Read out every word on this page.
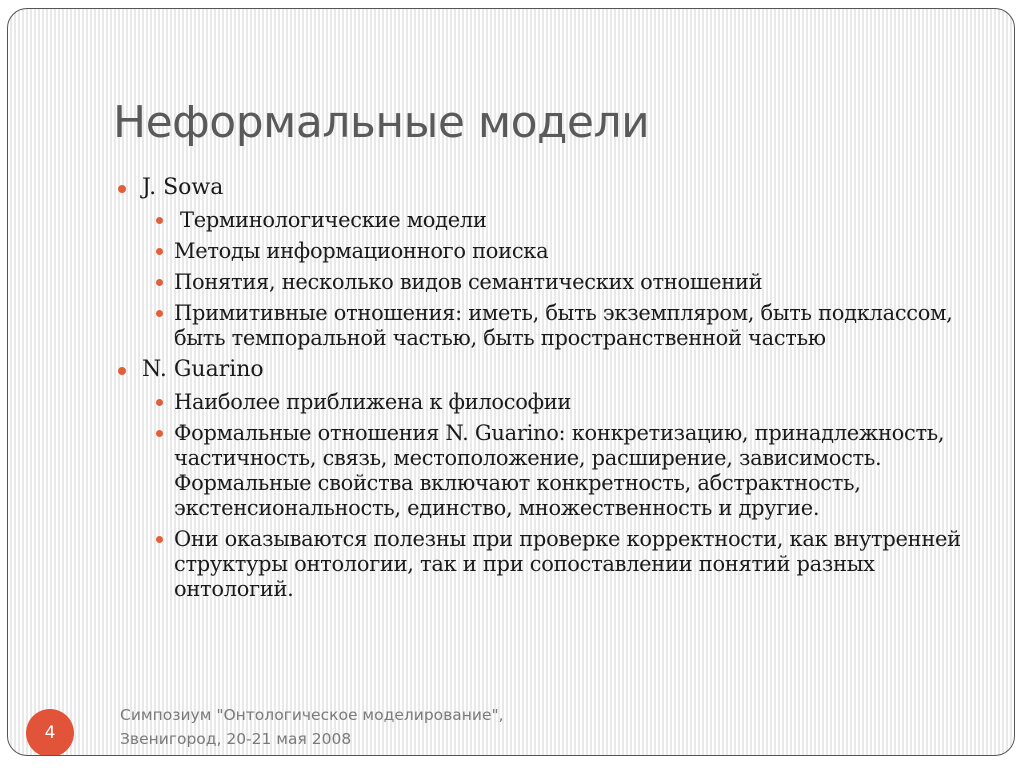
Неформальные модели
J. Sowa
Терминологические модели
Методы информационного поиска
Понятия, несколько видов семантических отношений
Примитивные отношения: иметь, быть экземпляром, быть подклассом, быть темпоральной частью, быть пространственной частью
N. Guarino
Наиболее приближена к философии
Формальные отношения N. Guarino: конкретизацию, принадлежность, частичность, связь, местоположение, расширение, зависимость. Формальные свойства включают конкретность, абстрактность, экстенсиональность, единство, множественность и другие.
Они оказываются полезны при проверке корректности, как внутренней структуры онтологии, так и при сопоставлении понятий разных онтологий.
Симпозиум "Онтологическое моделирование",
Звенигород, 20-21 мая 2008
4
